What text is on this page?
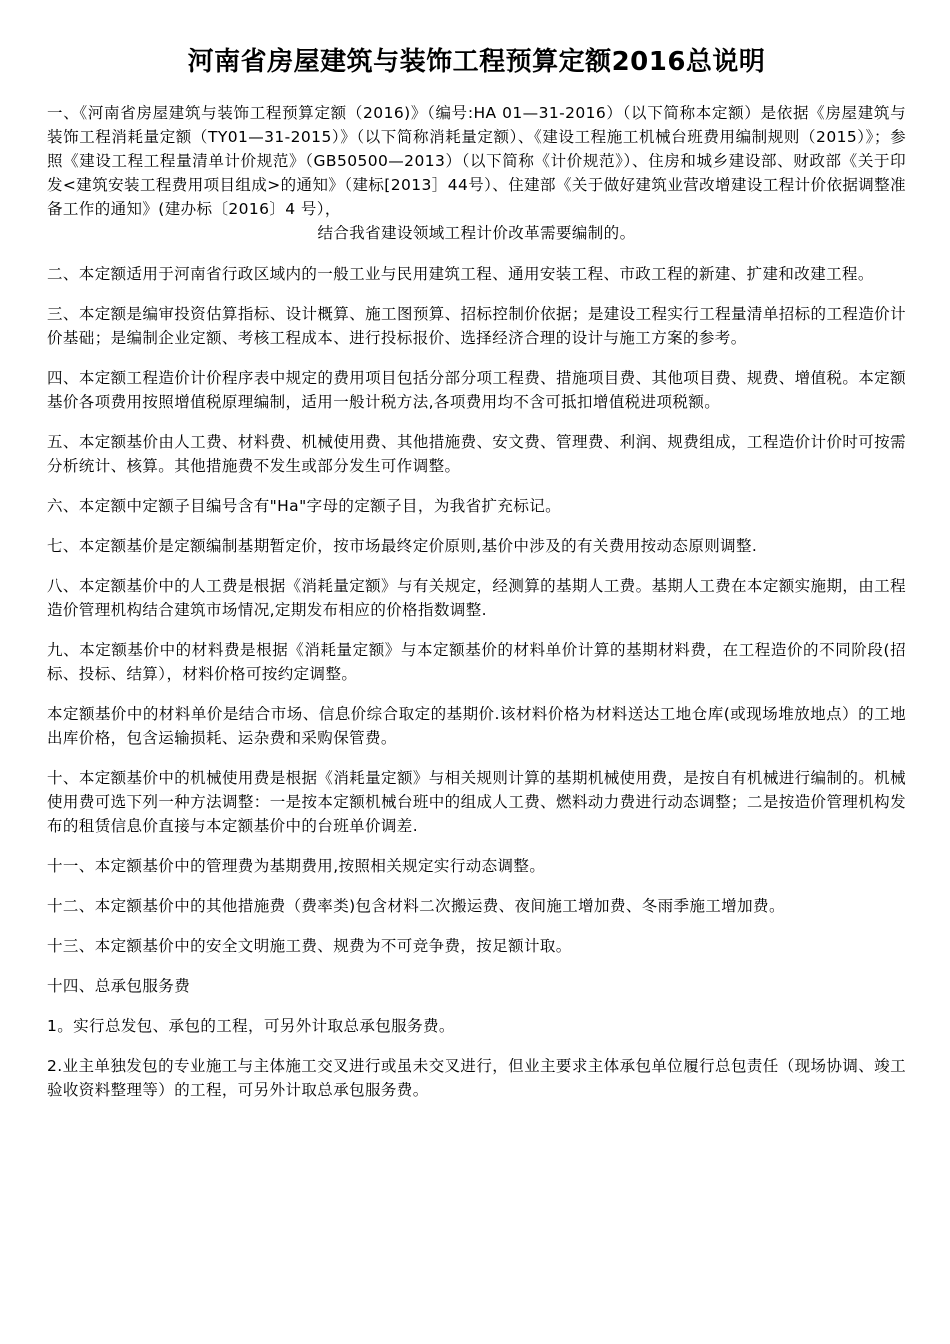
河南省房屋建筑与装饰工程预算定额2016总说明
一、《河南省房屋建筑与装饰工程预算定额（2016)》（编号:HA 01—31-2016）（以下简称本定额）是依据《房屋建筑与装饰工程消耗量定额（TY01—31-2015）》（以下简称消耗量定额）、《建设工程施工机械台班费用编制规则（2015）》；参照《建设工程工程量清单计价规范》（GB50500—2013）（以下简称《计价规范》）、住房和城乡建设部、财政部《关于印发<建筑安装工程费用项目组成>的通知》（建标[2013］44号）、住建部《关于做好建筑业营改增建设工程计价依据调整准备工作的通知》(建办标〔2016〕4 号），
结合我省建设领域工程计价改革需要编制的。
二、本定额适用于河南省行政区域内的一般工业与民用建筑工程、通用安装工程、市政工程的新建、扩建和改建工程。
三、本定额是编审投资估算指标、设计概算、施工图预算、招标控制价依据；是建设工程实行工程量清单招标的工程造价计价基础；是编制企业定额、考核工程成本、进行投标报价、选择经济合理的设计与施工方案的参考。
四、本定额工程造价计价程序表中规定的费用项目包括分部分项工程费、措施项目费、其他项目费、规费、增值税。本定额基价各项费用按照增值税原理编制，适用一般计税方法,各项费用均不含可抵扣增值税进项税额。
五、本定额基价由人工费、材料费、机械使用费、其他措施费、安文费、管理费、利润、规费组成，工程造价计价时可按需分析统计、核算。其他措施费不发生或部分发生可作调整。
六、本定额中定额子目编号含有"Ha"字母的定额子目，为我省扩充标记。
七、本定额基价是定额编制基期暂定价，按市场最终定价原则,基价中涉及的有关费用按动态原则调整.
八、本定额基价中的人工费是根据《消耗量定额》与有关规定，经测算的基期人工费。基期人工费在本定额实施期，由工程造价管理机构结合建筑市场情况,定期发布相应的价格指数调整.
九、本定额基价中的材料费是根据《消耗量定额》与本定额基价的材料单价计算的基期材料费，在工程造价的不同阶段(招标、投标、结算），材料价格可按约定调整。
本定额基价中的材料单价是结合市场、信息价综合取定的基期价.该材料价格为材料送达工地仓库(或现场堆放地点）的工地出库价格，包含运输损耗、运杂费和采购保管费。
十、本定额基价中的机械使用费是根据《消耗量定额》与相关规则计算的基期机械使用费，是按自有机械进行编制的。机械使用费可选下列一种方法调整：一是按本定额机械台班中的组成人工费、燃料动力费进行动态调整；二是按造价管理机构发布的租赁信息价直接与本定额基价中的台班单价调差.
十一、本定额基价中的管理费为基期费用,按照相关规定实行动态调整。
十二、本定额基价中的其他措施费（费率类)包含材料二次搬运费、夜间施工增加费、冬雨季施工增加费。
十三、本定额基价中的安全文明施工费、规费为不可竞争费，按足额计取。
十四、总承包服务费
1。实行总发包、承包的工程，可另外计取总承包服务费。
2.业主单独发包的专业施工与主体施工交叉进行或虽未交叉进行，但业主要求主体承包单位履行总包责任（现场协调、竣工验收资料整理等）的工程，可另外计取总承包服务费。
